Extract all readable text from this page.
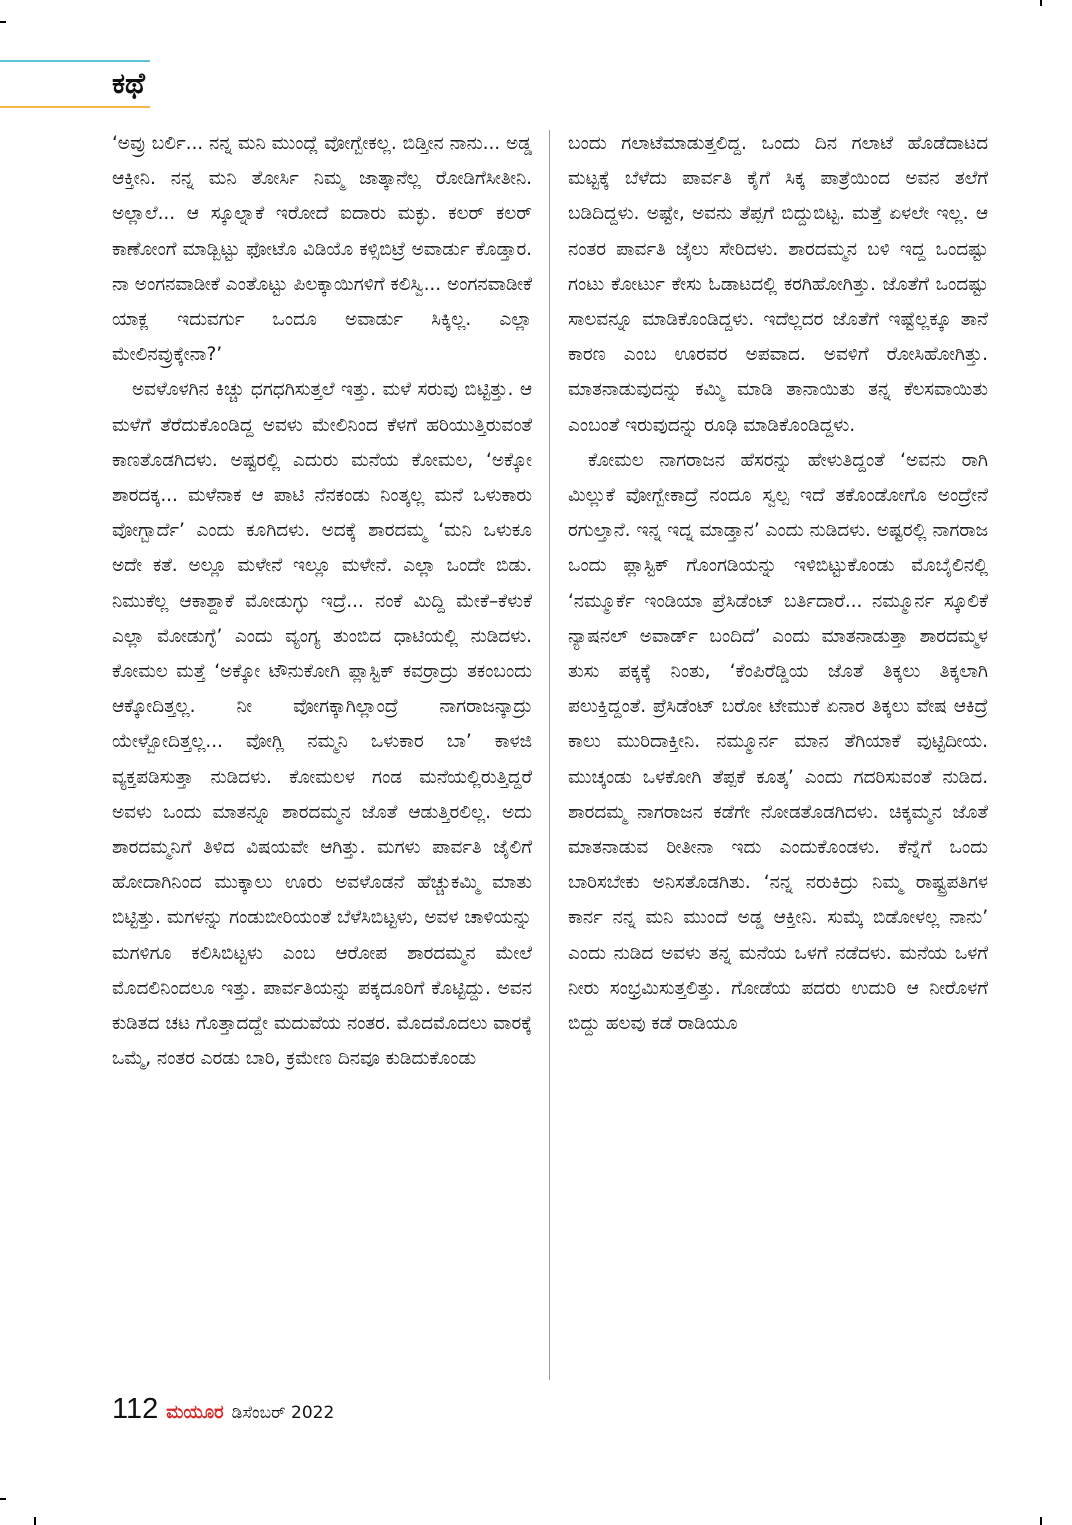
ಕಥೆ

‘ಅವ್ರು ಬರ್ಲಿ... ನನ್ನ ಮನಿ ಮುಂದ್ಲೆ ವೋಗ್ಬೇಕಲ್ಲ. ಬಿಡ್ತೀನ ನಾನು... ಅಡ್ಡ ಆಕ್ತೀನಿ. ನನ್ನ ಮನಿ ತೋರ್ಸಿ ನಿಮ್ಮ ಜಾತ್ಕಾನೆಲ್ಲ ರೋಡಿಗೆಸೀತೀನಿ. ಅಲ್ಲಾಲೆ... ಆ ಸ್ಕೂಲ್ನಾಕೆ ಇರೋದೆ ಐದಾರು ಮಕ್ಳು. ಕಲರ್ ಕಲರ್ ಕಾಣೋಂಗೆ ಮಾಡ್ಬಿಟ್ಟು ಫೋಟೊ ವಿಡಿಯೊ ಕಳ್ಸಿಬಿಟ್ರೆ ಅವಾರ್ಡು ಕೊಡ್ತಾರ. ನಾ ಅಂಗನವಾಡೀಕೆ ಎಂತೊಟ್ಟು ಪಿಲಕ್ಕಾಯಿಗಳಿಗೆ ಕಲಿಸ್ವಿ... ಅಂಗನವಾಡೀಕೆ ಯಾಕ್ಲ ಇದುವರ್ಗು ಒಂದೂ ಅವಾರ್ಡು ಸಿಕ್ಕಿಲ್ಲ. ಎಲ್ಲಾ ಮೇಲಿನವ್ರುಕ್ಕೇನಾ?’

ಅವಳೊಳಗಿನ ಕಿಚ್ಚು ಧಗಧಗಿಸುತ್ತಲೆ ಇತ್ತು. ಮಳೆ ಸರುವು ಬಿಟ್ಟಿತ್ತು. ಆ ಮಳೆಗೆ ತೆರೆದುಕೊಂಡಿದ್ದ ಅವಳು ಮೇಲಿನಿಂದ ಕೆಳಗೆ ಹರಿಯುತ್ತಿರುವಂತೆ ಕಾಣತೊಡಗಿದಳು. ಅಷ್ಟರಲ್ಲಿ ಎದುರು ಮನೆಯ ಕೋಮಲ, ‘ಅಕ್ಕೋ ಶಾರದಕ್ಕ... ಮಳೆನಾಕ ಆ ಪಾಟಿ ನೆನಕಂಡು ನಿಂತ್ಕಲ್ಲ ಮನೆ ಒಳುಕಾರು ವೋಗ್ಬಾರ್ದೆ’ ಎಂದು ಕೂಗಿದಳು. ಅದಕ್ಕೆ ಶಾರದಮ್ಮ ‘ಮನಿ ಒಳುಕೂ ಅದೇ ಕತೆ. ಅಲ್ಲೂ ಮಳೇನೆ ಇಲ್ಲೂ ಮಳೇನೆ. ಎಲ್ಲಾ ಒಂದೇ ಬಿಡು. ನಿಮುಕೆಲ್ಲ ಆಕಾಶ್ದಾಕೆ ಮೋಡುಗ್ಳು ಇದ್ರೆ... ನಂಕೆ ಮಿದ್ದಿ ಮೇಕೆ–ಕೆಳುಕೆ ಎಲ್ಲಾ ಮೋಡುಗ್ಳೆ’ ಎಂದು ವ್ಯಂಗ್ಯ ತುಂಬಿದ ಧಾಟಿಯಲ್ಲಿ ನುಡಿದಳು. ಕೋಮಲ ಮತ್ತೆ ‘ಅಕ್ಕೋ ಟೌನುಕೋಗಿ ಪ್ಲಾಸ್ಟಿಕ್ ಕವರ್ರಾದ್ರು ತಕಂಬಂದು ಆಕ್ಕೋದಿತ್ತಲ್ಲ. ನೀ ವೋಗಕ್ಕಾಗಿಲ್ಲಾಂದ್ರೆ ನಾಗರಾಜನ್ಕಾದ್ರು ಯೇಳ್ಬೋದಿತ್ತಲ್ಲ... ವೋಗ್ಲಿ ನಮ್ಮನಿ ಒಳುಕಾರ ಬಾ’ ಕಾಳಜಿ ವ್ಯಕ್ತಪಡಿಸುತ್ತಾ ನುಡಿದಳು. ಕೋಮಲಳ ಗಂಡ ಮನೆಯಲ್ಲಿರುತ್ತಿದ್ದರೆ ಅವಳು ಒಂದು ಮಾತನ್ನೂ ಶಾರದಮ್ಮನ ಜೊತೆ ಆಡುತ್ತಿರಲಿಲ್ಲ. ಅದು ಶಾರದಮ್ಮನಿಗೆ ತಿಳಿದ ವಿಷಯವೇ ಆಗಿತ್ತು. ಮಗಳು ಪಾರ್ವತಿ ಜೈಲಿಗೆ ಹೋದಾಗಿನಿಂದ ಮುಕ್ಕಾಲು ಊರು ಅವಳೊಡನೆ ಹೆಚ್ಚುಕಮ್ಮಿ ಮಾತು ಬಿಟ್ಟಿತ್ತು. ಮಗಳನ್ನು ಗಂಡುಬೀರಿಯಂತೆ ಬೆಳೆಸಿಬಿಟ್ಟಳು, ಅವಳ ಚಾಳಿಯನ್ನು ಮಗಳಿಗೂ ಕಲಿಸಿಬಿಟ್ಟಳು ಎಂಬ ಆರೋಪ ಶಾರದಮ್ಮನ ಮೇಲೆ ಮೊದಲಿನಿಂದಲೂ ಇತ್ತು. ಪಾರ್ವತಿಯನ್ನು ಪಕ್ಕದೂರಿಗೆ ಕೊಟ್ಟಿದ್ದು. ಅವನ ಕುಡಿತದ ಚಟ ಗೊತ್ತಾದದ್ದೇ ಮದುವೆಯ ನಂತರ. ಮೊದಮೊದಲು ವಾರಕ್ಕೆ ಒಮ್ಮೆ, ನಂತರ ಎರಡು ಬಾರಿ, ಕ್ರಮೇಣ ದಿನವೂ ಕುಡಿದುಕೊಂಡು

ಬಂದು ಗಲಾಟೆಮಾಡುತ್ತಲಿದ್ದ. ಒಂದು ದಿನ ಗಲಾಟೆ ಹೊಡೆದಾಟದ ಮಟ್ಟಕ್ಕೆ ಬೆಳೆದು ಪಾರ್ವತಿ ಕೈಗೆ ಸಿಕ್ಕ ಪಾತ್ರೆಯಿಂದ ಅವನ ತಲೆಗೆ ಬಡಿದಿದ್ದಳು. ಅಷ್ಟೇ, ಅವನು ತೆಪ್ಪಗೆ ಬಿದ್ದುಬಿಟ್ಟ. ಮತ್ತೆ ಏಳಲೇ ಇಲ್ಲ. ಆ ನಂತರ ಪಾರ್ವತಿ ಜೈಲು ಸೇರಿದಳು. ಶಾರದಮ್ಮನ ಬಳಿ ಇದ್ದ ಒಂದಷ್ಟು ಗಂಟು ಕೋರ್ಟು ಕೇಸು ಓಡಾಟದಲ್ಲಿ ಕರಗಿಹೋಗಿತ್ತು. ಜೊತೆಗೆ ಒಂದಷ್ಟು ಸಾಲವನ್ನೂ ಮಾಡಿಕೊಂಡಿದ್ದಳು. ಇದೆಲ್ಲದರ ಜೊತೆಗೆ ಇಷ್ಟೆಲ್ಲಕ್ಕೂ ತಾನೆ ಕಾರಣ ಎಂಬ ಊರವರ ಅಪವಾದ. ಅವಳಿಗೆ ರೋಸಿಹೋಗಿತ್ತು. ಮಾತನಾಡುವುದನ್ನು ಕಮ್ಮಿ ಮಾಡಿ ತಾನಾಯಿತು ತನ್ನ ಕೆಲಸವಾಯಿತು ಎಂಬಂತೆ ಇರುವುದನ್ನು ರೂಢಿ ಮಾಡಿಕೊಂಡಿದ್ದಳು.

ಕೋಮಲ ನಾಗರಾಜನ ಹೆಸರನ್ನು ಹೇಳುತಿದ್ದಂತೆ ‘ಅವನು ರಾಗಿ ಮಿಲ್ಲುಕೆ ವೋಗ್ಬೇಕಾದ್ರೆ ನಂದೂ ಸ್ವಲ್ಪ ಇದೆ ತಕೊಂಡೋಗೊ ಅಂದ್ರೇನೆ ರಗುಲ್ತಾನೆ. ಇನ್ನ ಇದ್ನ ಮಾಡ್ತಾನ’ ಎಂದು ನುಡಿದಳು. ಅಷ್ಟರಲ್ಲಿ ನಾಗರಾಜ ಒಂದು ಪ್ಲಾಸ್ಟಿಕ್ ಗೊಂಗಡಿಯನ್ನು ಇಳಿಬಿಟ್ಟುಕೊಂಡು ಮೊಬೈಲಿನಲ್ಲಿ ‘ನಮ್ಮೂರ್ಕೆ ಇಂಡಿಯಾ ಪ್ರೆಸಿಡೆಂಟ್ ಬರ್ತಿದಾರೆ... ನಮ್ಮೂರ್ನ ಸ್ಕೂಲಿಕೆ ನ್ಯಾಷನಲ್ ಅವಾರ್ಡ್ ಬಂದಿದೆ’ ಎಂದು ಮಾತನಾಡುತ್ತಾ ಶಾರದಮ್ಮಳ ತುಸು ಪಕ್ಕಕ್ಕೆ ನಿಂತು, ‘ಕೆಂಪಿರೆಡ್ಡಿಯ ಜೊತೆ ತಿಕ್ಕಲು ತಿಕ್ಕಲಾಗಿ ಪಲುಕ್ತಿದ್ದಂತೆ. ಪ್ರೆಸಿಡೆಂಟ್ ಬರೋ ಟೇಮುಕೆ ಏನಾರ ತಿಕ್ಕಲು ವೇಷ ಆಕಿದ್ರೆ ಕಾಲು ಮುರಿದಾಕ್ತೀನಿ. ನಮ್ಮೂರ್ನ ಮಾನ ತೆಗಿಯಾಕೆ ವುಟ್ಟಿದೀಯ. ಮುಚ್ಕಂಡು ಒಳಕೋಗಿ ತೆಪ್ಪಕೆ ಕೂತ್ಕ’ ಎಂದು ಗದರಿಸುವಂತೆ ನುಡಿದ. ಶಾರದಮ್ಮ ನಾಗರಾಜನ ಕಡೆಗೇ ನೋಡತೊಡಗಿದಳು. ಚಿಕ್ಕಮ್ಮನ ಜೊತೆ ಮಾತನಾಡುವ ರೀತೀನಾ ಇದು ಎಂದುಕೊಂಡಳು. ಕೆನ್ನೆಗೆ ಒಂದು ಬಾರಿಸಬೇಕು ಅನಿಸತೊಡಗಿತು. ‘ನನ್ನ ನರುಕಿದ್ರು ನಿಮ್ಮ ರಾಷ್ಟ್ರಪತಿಗಳ ಕಾರ್ನ ನನ್ನ ಮನಿ ಮುಂದೆ ಅಡ್ಡ ಆಕ್ತೀನಿ. ಸುಮ್ಕೆ ಬಿಡೋಳಲ್ಲ ನಾನು’ ಎಂದು ನುಡಿದ ಅವಳು ತನ್ನ ಮನೆಯ ಒಳಗೆ ನಡೆದಳು. ಮನೆಯ ಒಳಗೆ ನೀರು ಸಂಭ್ರಮಿಸುತ್ತಲಿತ್ತು. ಗೋಡೆಯ ಪದರು ಉದುರಿ ಆ ನೀರೊಳಗೆ ಬಿದ್ದು ಹಲವು ಕಡೆ ರಾಡಿಯೂ

112 ಮಯೂರ ಡಿಸೆಂಬರ್ 2022
